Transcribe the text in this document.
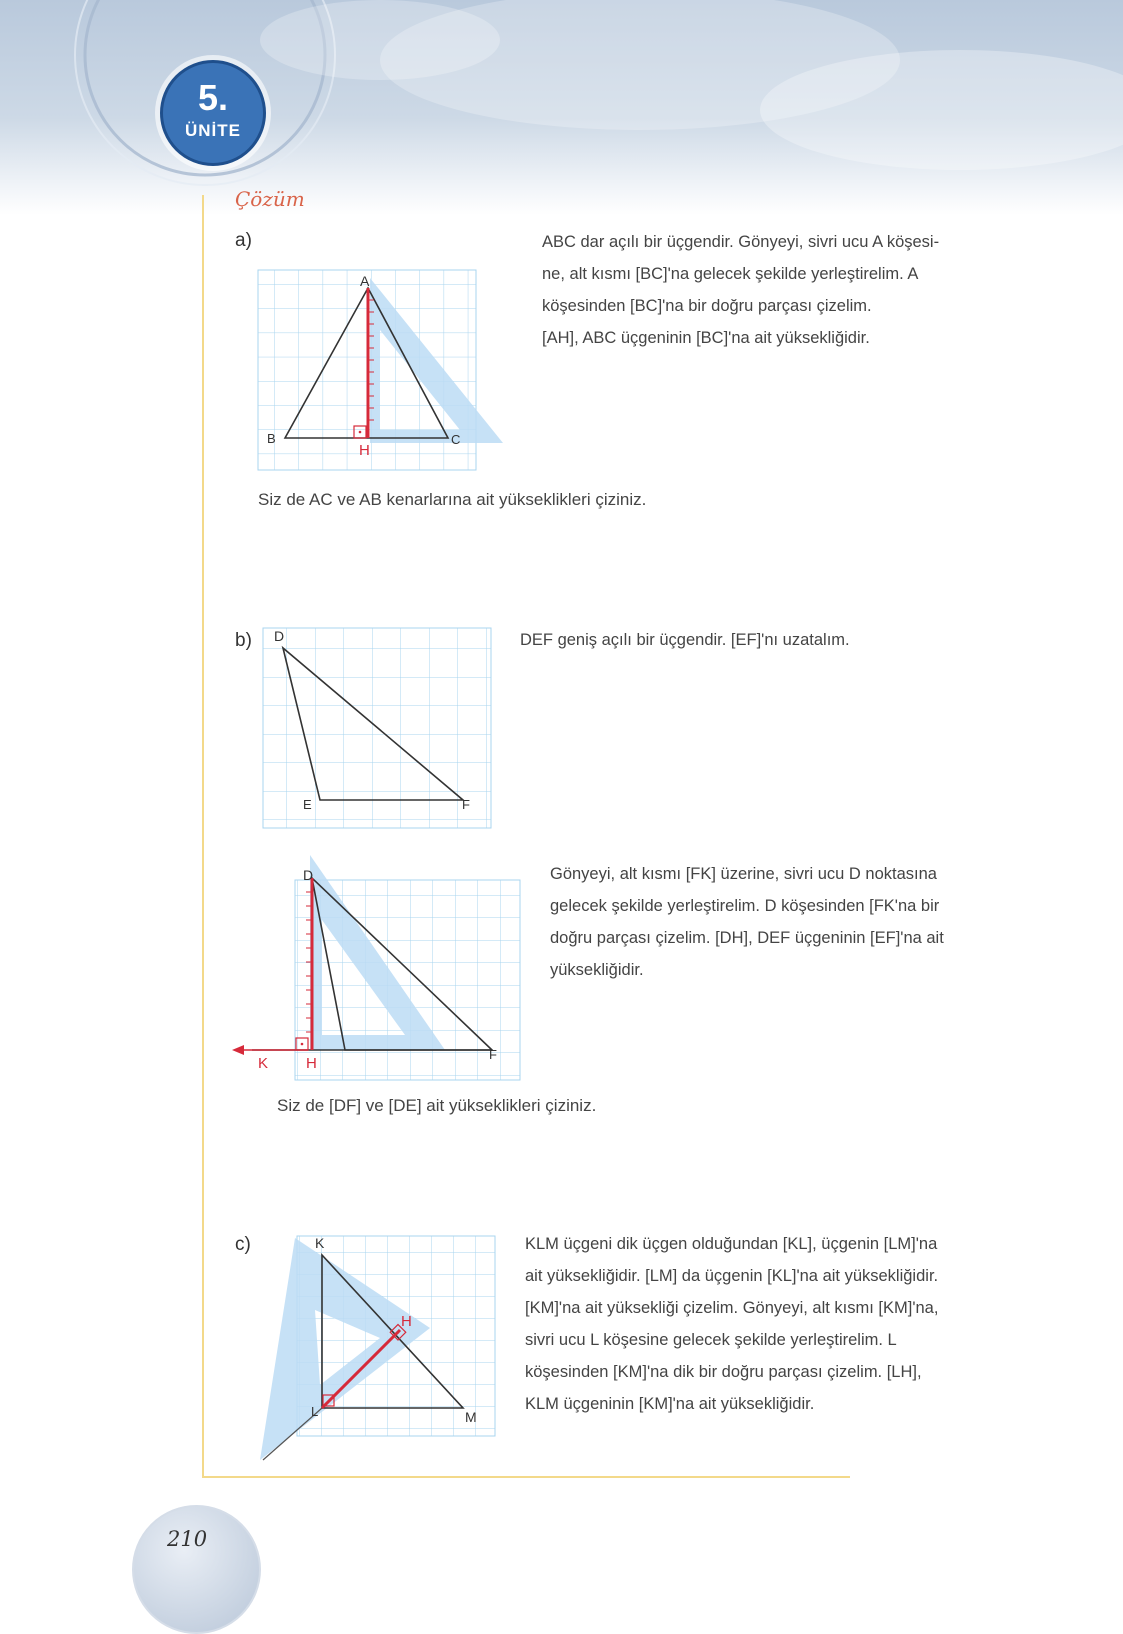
5.
ÜNİTE
Çözüm
a)
A
B	C
H
ABC dar açılı bir üçgendir. Gönyeyi, sivri ucu A köşesi-
ne, alt kısmı [BC]'na gelecek şekilde yerleştirelim. A
köşesinden [BC]'na bir doğru parçası çizelim.
[AH], ABC üçgeninin [BC]'na ait yüksekliğidir.
Siz de AC ve AB kenarlarına ait yükseklikleri çiziniz.
b) D
E	F
DEF geniş açılı bir üçgendir. [EF]'nı uzatalım.
D
F
K	H
Gönyeyi, alt kısmı [FK] üzerine, sivri ucu D noktasına
gelecek şekilde yerleştirelim. D köşesinden [FK'na bir
doğru parçası çizelim. [DH], DEF üçgeninin [EF]'na ait
yüksekliğidir.
Siz de [DF] ve [DE] ait yükseklikleri çiziniz.
c)	K
L	M
H
KLM üçgeni dik üçgen olduğundan [KL], üçgenin [LM]'na
ait yüksekliğidir. [LM] da üçgenin [KL]'na ait yüksekliğidir.
[KM]'na ait yüksekliği çizelim. Gönyeyi, alt kısmı [KM]'na,
sivri ucu L köşesine gelecek şekilde yerleştirelim. L
köşesinden [KM]'na dik bir doğru parçası çizelim. [LH],
KLM üçgeninin [KM]'na ait yüksekliğidir.
210
